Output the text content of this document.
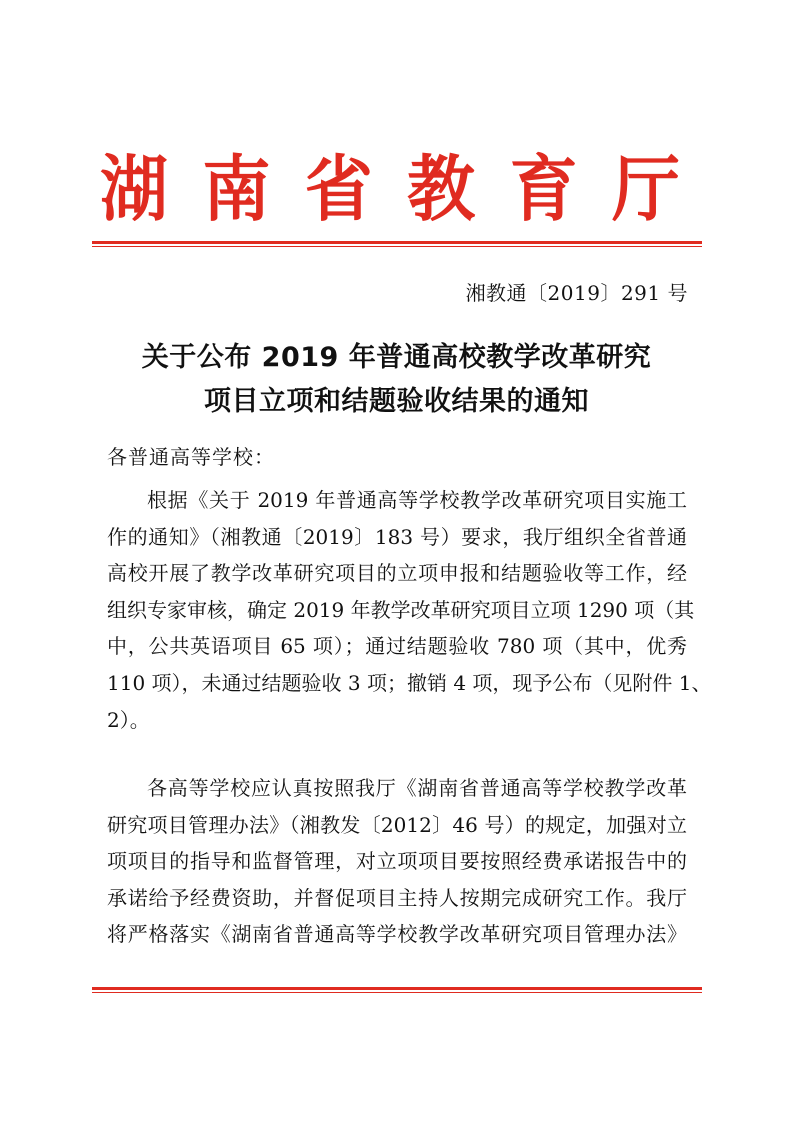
湖 南 省 教 育 厅
湘教通〔2019〕291 号
关于公布 2019 年普通高校教学改革研究
项目立项和结题验收结果的通知
各普通高等学校：
根据《关于 2019 年普通高等学校教学改革研究项目实施工
作的通知》（湘教通〔2019〕183 号）要求，我厅组织全省普通
高校开展了教学改革研究项目的立项申报和结题验收等工作，经
组织专家审核，确定 2019 年教学改革研究项目立项 1290 项（其
中，公共英语项目 65 项）；通过结题验收 780 项（其中，优秀
110 项），未通过结题验收 3 项；撤销 4 项，现予公布（见附件 1、
2）。
各高等学校应认真按照我厅《湖南省普通高等学校教学改革
研究项目管理办法》（湘教发〔2012〕46 号）的规定，加强对立
项项目的指导和监督管理，对立项项目要按照经费承诺报告中的
承诺给予经费资助，并督促项目主持人按期完成研究工作。我厅
将严格落实《湖南省普通高等学校教学改革研究项目管理办法》
